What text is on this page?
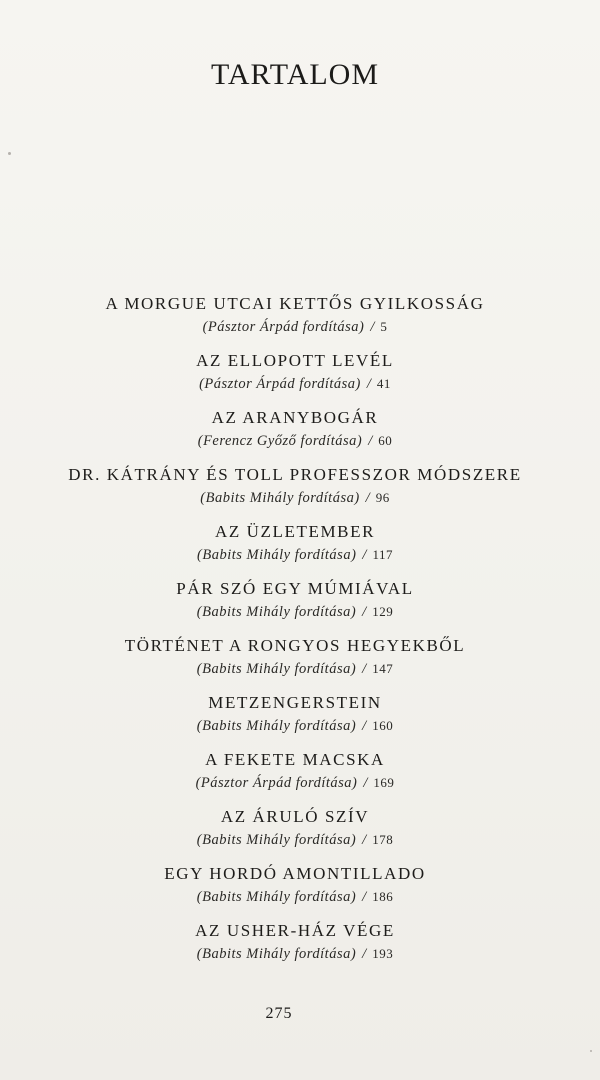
TARTALOM
A MORGUE UTCAI KETTŐS GYILKOSSÁG
(Pásztor Árpád fordítása) / 5
AZ ELLOPOTT LEVÉL
(Pásztor Árpád fordítása) / 41
AZ ARANYBOGÁR
(Ferencz Győző fordítása) / 60
DR. KÁTRÁNY ÉS TOLL PROFESSZOR MÓDSZERE
(Babits Mihály fordítása) / 96
AZ ÜZLETEMBER
(Babits Mihály fordítása) / 117
PÁR SZÓ EGY MÚMIÁVAL
(Babits Mihály fordítása) / 129
TÖRTÉNET A RONGYOS HEGYEKBŐL
(Babits Mihály fordítása) / 147
METZENGERSTEIN
(Babits Mihály fordítása) / 160
A FEKETE MACSKA
(Pásztor Árpád fordítása) / 169
AZ ÁRULÓ SZÍV
(Babits Mihály fordítása) / 178
EGY HORDÓ AMONTILLADO
(Babits Mihály fordítása) / 186
AZ USHER-HÁZ VÉGE
(Babits Mihály fordítása) / 193
275
